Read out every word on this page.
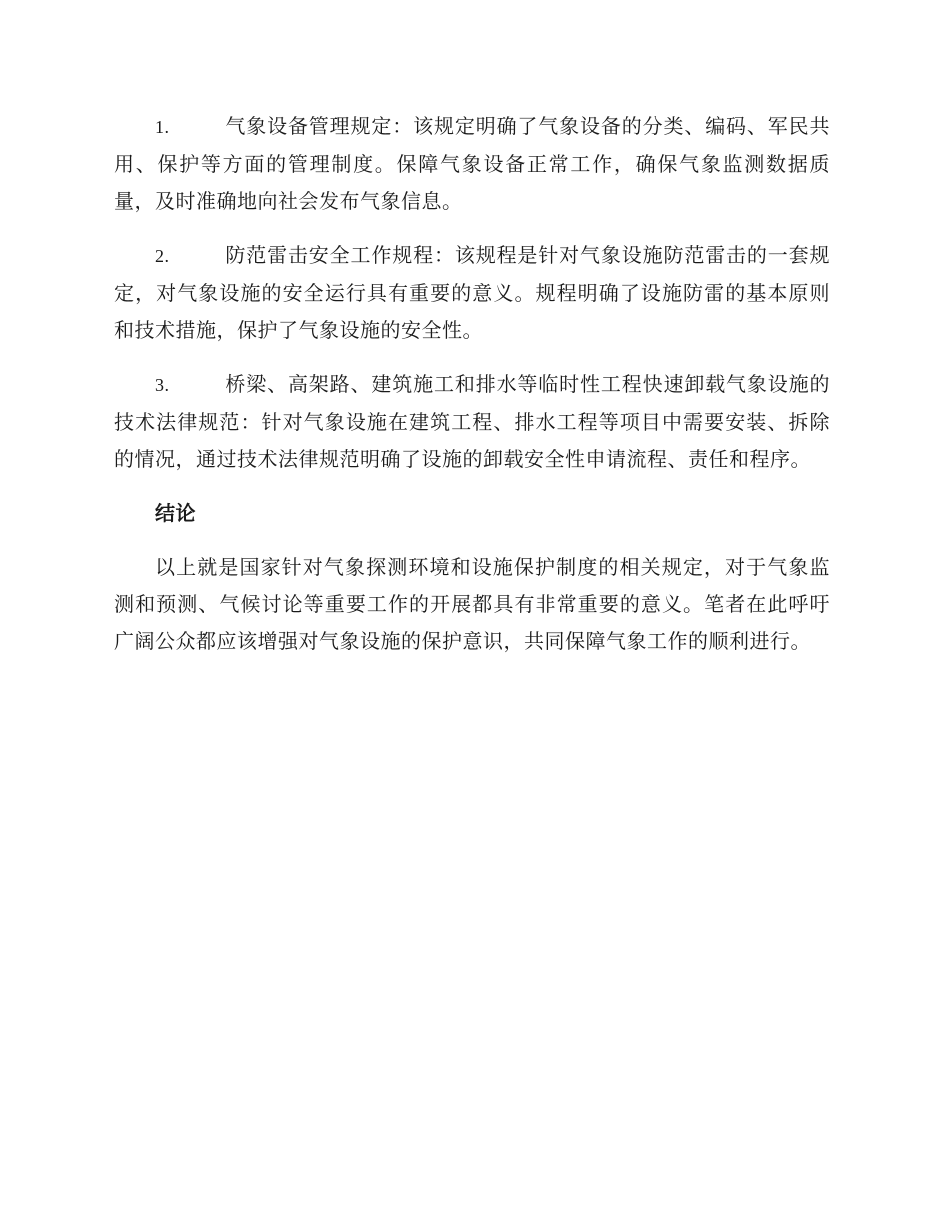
1.	气象设备管理规定：该规定明确了气象设备的分类、编码、军民共用、保护等方面的管理制度。保障气象设备正常工作，确保气象监测数据质量，及时准确地向社会发布气象信息。

2.	防范雷击安全工作规程：该规程是针对气象设施防范雷击的一套规定，对气象设施的安全运行具有重要的意义。规程明确了设施防雷的基本原则和技术措施，保护了气象设施的安全性。

3.	桥梁、高架路、建筑施工和排水等临时性工程快速卸载气象设施的技术法律规范：针对气象设施在建筑工程、排水工程等项目中需要安装、拆除的情况，通过技术法律规范明确了设施的卸载安全性申请流程、责任和程序。

结论

以上就是国家针对气象探测环境和设施保护制度的相关规定，对于气象监测和预测、气候讨论等重要工作的开展都具有非常重要的意义。笔者在此呼吁广阔公众都应该增强对气象设施的保护意识，共同保障气象工作的顺利进行。
